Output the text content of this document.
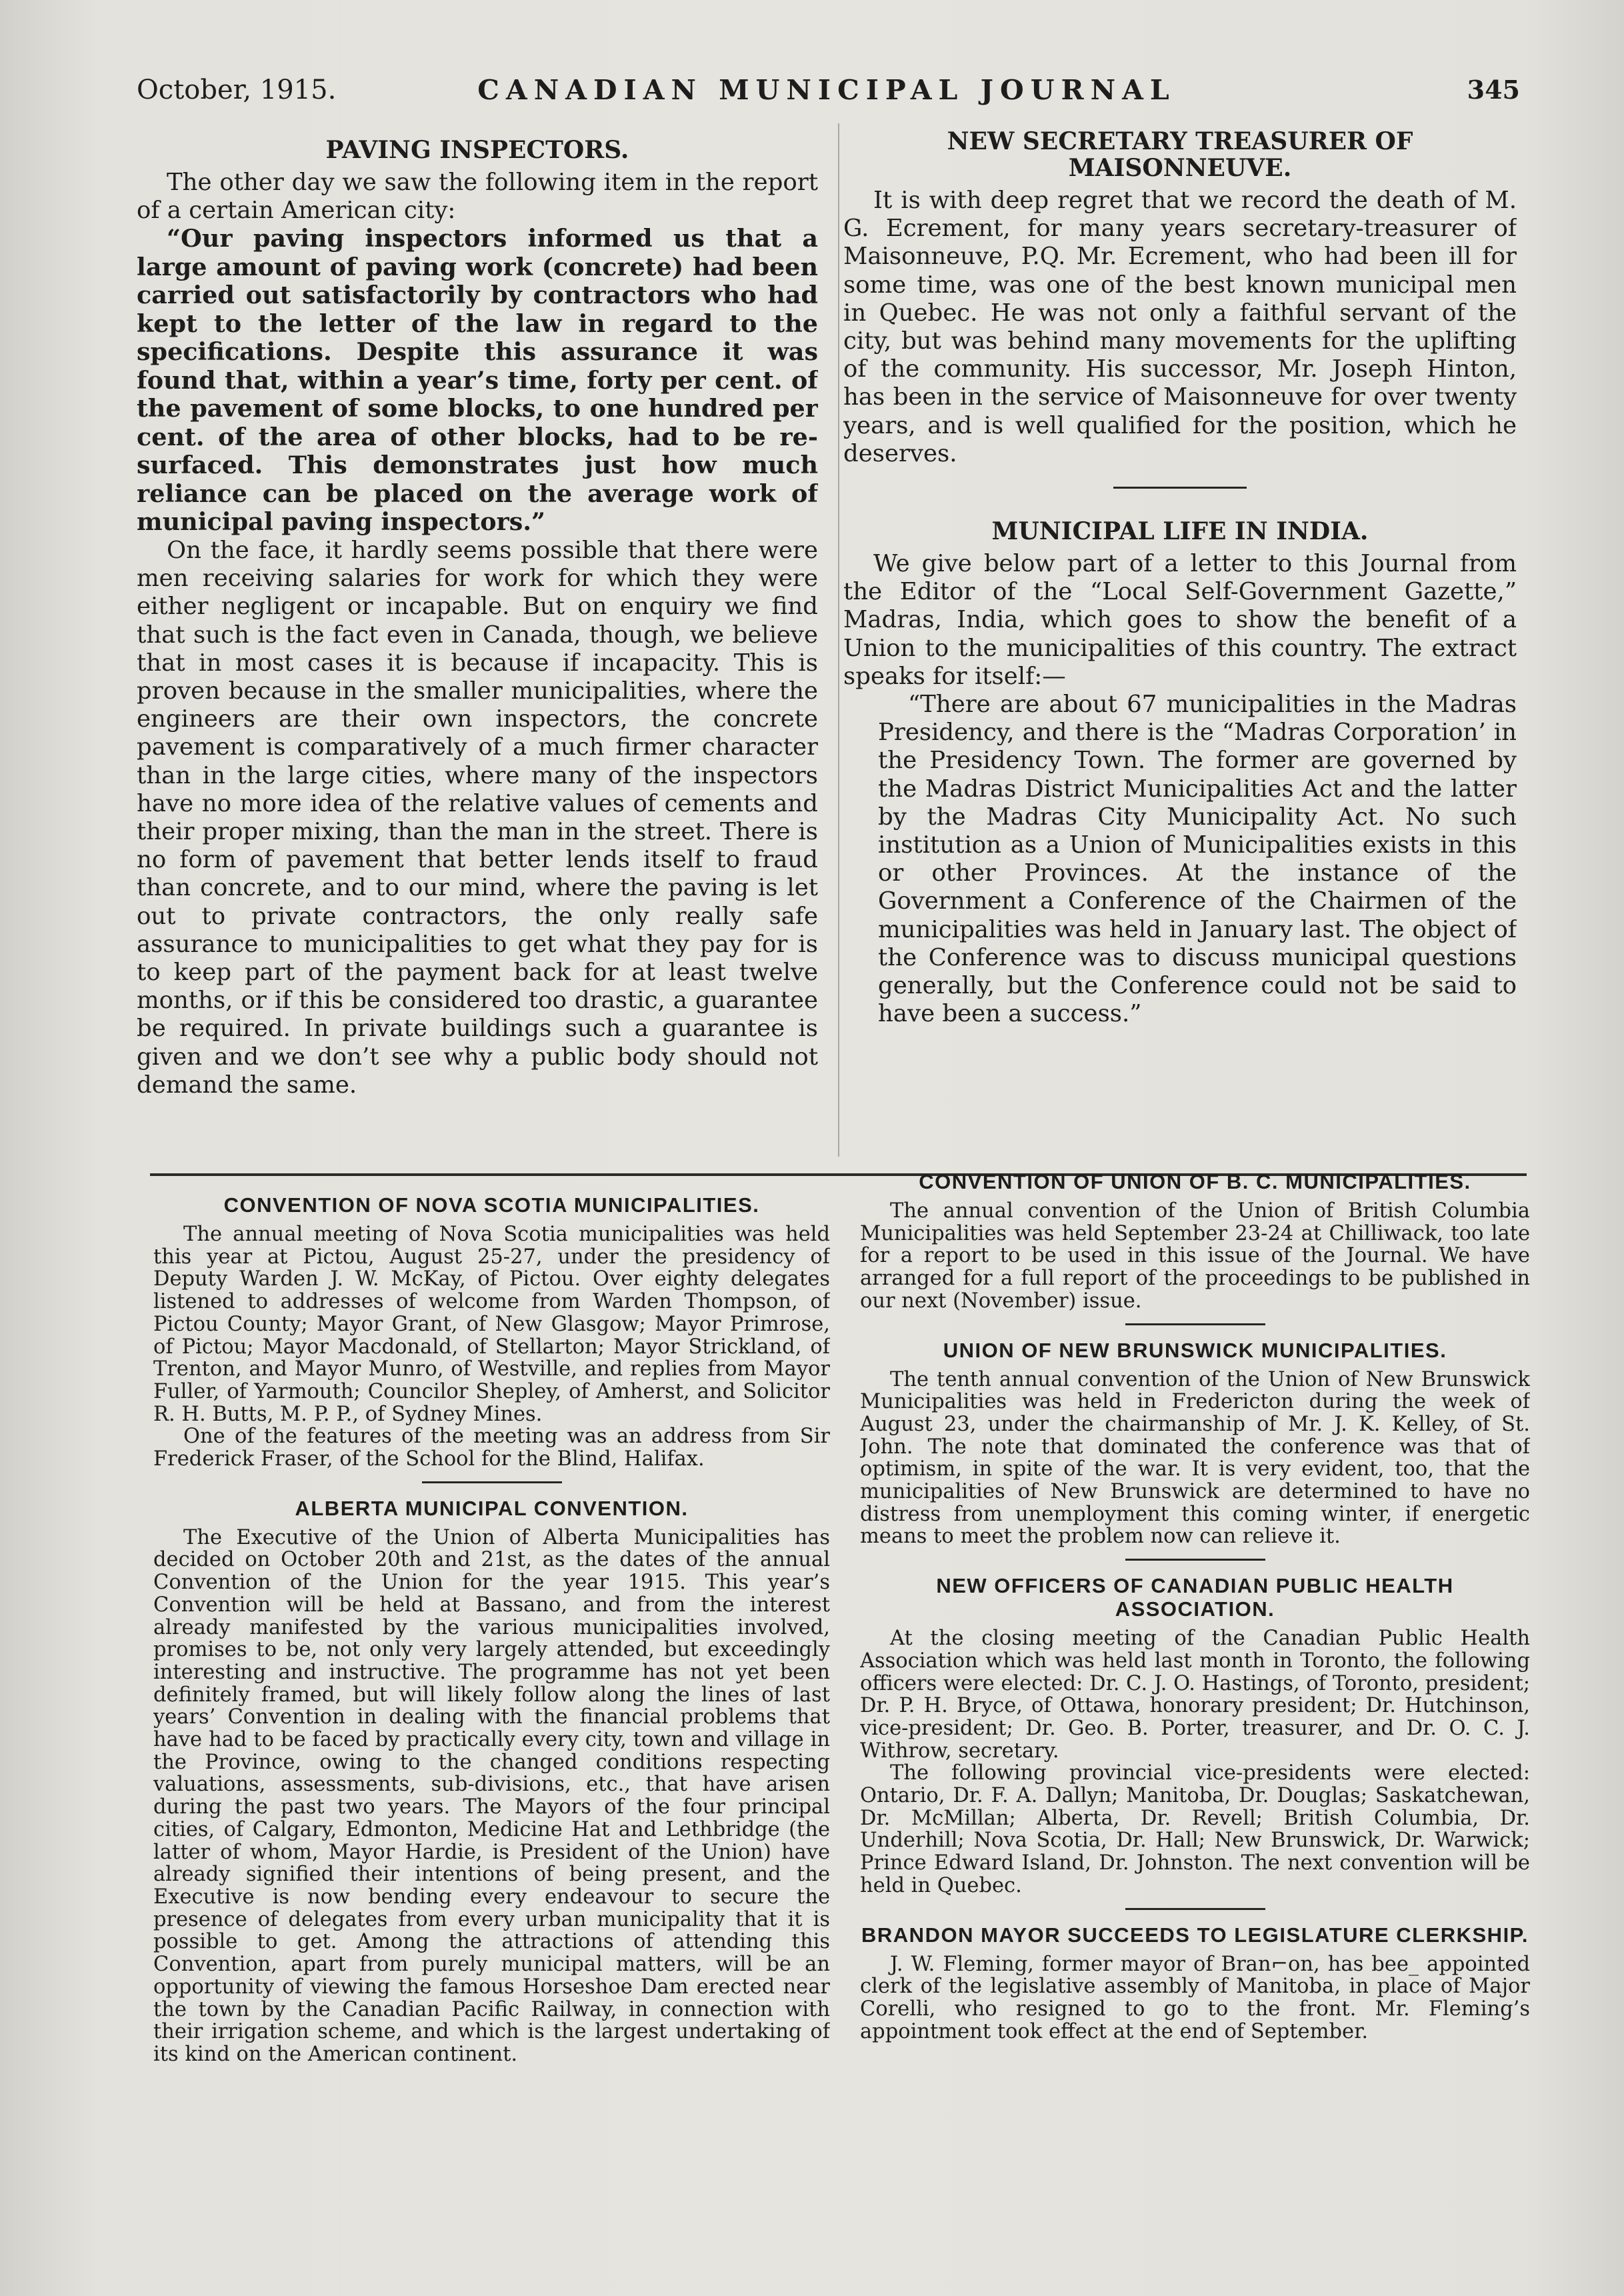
October, 1915.	CANADIAN MUNICIPAL JOURNAL	345
PAVING INSPECTORS.

The other day we saw the following item in the report of a certain American city:

“Our paving inspectors informed us that a large amount of paving work (concrete) had been carried out satisfactorily by contractors who had kept to the letter of the law in regard to the specifications. Despite this assurance it was found that, within a year’s time, forty per cent. of the pavement of some blocks, to one hundred per cent. of the area of other blocks, had to be re-surfaced. This demonstrates just how much reliance can be placed on the average work of municipal paving inspectors.”

On the face, it hardly seems possible that there were men receiving salaries for work for which they were either negligent or incapable. But on enquiry we find that such is the fact even in Canada, though, we believe that in most cases it is because if incapacity. This is proven because in the smaller municipalities, where the engineers are their own inspectors, the concrete pavement is comparatively of a much firmer character than in the large cities, where many of the inspectors have no more idea of the relative values of cements and their proper mixing, than the man in the street. There is no form of pavement that better lends itself to fraud than concrete, and to our mind, where the paving is let out to private contractors, the only really safe assurance to municipalities to get what they pay for is to keep part of the payment back for at least twelve months, or if this be considered too drastic, a guarantee be required. In private buildings such a guarantee is given and we don’t see why a public body should not demand the same.

NEW SECRETARY TREASURER OF MAISONNEUVE.

It is with deep regret that we record the death of M. G. Ecrement, for many years secretary-treasurer of Maisonneuve, P.Q. Mr. Ecrement, who had been ill for some time, was one of the best known municipal men in Quebec. He was not only a faithful servant of the city, but was behind many movements for the uplifting of the community. His successor, Mr. Joseph Hinton, has been in the service of Maisonneuve for over twenty years, and is well qualified for the position, which he deserves.

MUNICIPAL LIFE IN INDIA.

We give below part of a letter to this Journal from the Editor of the “Local Self-Government Gazette,” Madras, India, which goes to show the benefit of a Union to the municipalities of this country. The extract speaks for itself:—

“There are about 67 municipalities in the Madras Presidency, and there is the “Madras Corporation’ in the Presidency Town. The former are governed by the Madras District Municipalities Act and the latter by the Madras City Municipality Act. No such institution as a Union of Municipalities exists in this or other Provinces. At the instance of the Government a Conference of the Chairmen of the municipalities was held in January last. The object of the Conference was to discuss municipal questions generally, but the Conference could not be said to have been a success.”

CONVENTION OF NOVA SCOTIA MUNICIPALITIES.

The annual meeting of Nova Scotia municipalities was held this year at Pictou, August 25-27, under the presidency of Deputy Warden J. W. McKay, of Pictou. Over eighty delegates listened to addresses of welcome from Warden Thompson, of Pictou County; Mayor Grant, of New Glasgow; Mayor Primrose, of Pictou; Mayor Macdonald, of Stellarton; Mayor Strickland, of Trenton, and Mayor Munro, of Westville, and replies from Mayor Fuller, of Yarmouth; Councilor Shepley, of Amherst, and Solicitor R. H. Butts, M. P. P., of Sydney Mines.

One of the features of the meeting was an address from Sir Frederick Fraser, of the School for the Blind, Halifax.

ALBERTA MUNICIPAL CONVENTION.

The Executive of the Union of Alberta Municipalities has decided on October 20th and 21st, as the dates of the annual Convention of the Union for the year 1915. This year’s Convention will be held at Bassano, and from the interest already manifested by the various municipalities involved, promises to be, not only very largely attended, but exceedingly interesting and instructive. The programme has not yet been definitely framed, but will likely follow along the lines of last years’ Convention in dealing with the financial problems that have had to be faced by practically every city, town and village in the Province, owing to the changed conditions respecting valuations, assessments, sub-divisions, etc., that have arisen during the past two years. The Mayors of the four principal cities, of Calgary, Edmonton, Medicine Hat and Lethbridge (the latter of whom, Mayor Hardie, is President of the Union) have already signified their intentions of being present, and the Executive is now bending every endeavour to secure the presence of delegates from every urban municipality that it is possible to get. Among the attractions of attending this Convention, apart from purely municipal matters, will be an opportunity of viewing the famous Horseshoe Dam erected near the town by the Canadian Pacific Railway, in connection with their irrigation scheme, and which is the largest undertaking of its kind on the American continent.

CONVENTION OF UNION OF B. C. MUNICIPALITIES.

The annual convention of the Union of British Columbia Municipalities was held September 23-24 at Chilliwack, too late for a report to be used in this issue of the Journal. We have arranged for a full report of the proceedings to be published in our next (November) issue.

UNION OF NEW BRUNSWICK MUNICIPALITIES.

The tenth annual convention of the Union of New Brunswick Municipalities was held in Fredericton during the week of August 23, under the chairmanship of Mr. J. K. Kelley, of St. John. The note that dominated the conference was that of optimism, in spite of the war. It is very evident, too, that the municipalities of New Brunswick are determined to have no distress from unemployment this coming winter, if energetic means to meet the problem now can relieve it.

NEW OFFICERS OF CANADIAN PUBLIC HEALTH ASSOCIATION.

At the closing meeting of the Canadian Public Health Association which was held last month in Toronto, the following officers were elected: Dr. C. J. O. Hastings, of Toronto, president; Dr. P. H. Bryce, of Ottawa, honorary president; Dr. Hutchinson, vice-president; Dr. Geo. B. Porter, treasurer, and Dr. O. C. J. Withrow, secretary.

The following provincial vice-presidents were elected: Ontario, Dr. F. A. Dallyn; Manitoba, Dr. Douglas; Saskatchewan, Dr. McMillan; Alberta, Dr. Revell; British Columbia, Dr. Underhill; Nova Scotia, Dr. Hall; New Brunswick, Dr. Warwick; Prince Edward Island, Dr. Johnston. The next convention will be held in Quebec.

BRANDON MAYOR SUCCEEDS TO LEGISLATURE CLERKSHIP.

J. W. Fleming, former mayor of Bran⌐on, has bee_ appointed clerk of the legislative assembly of Manitoba, in place of Major Corelli, who resigned to go to the front. Mr. Fleming’s appointment took effect at the end of September.
